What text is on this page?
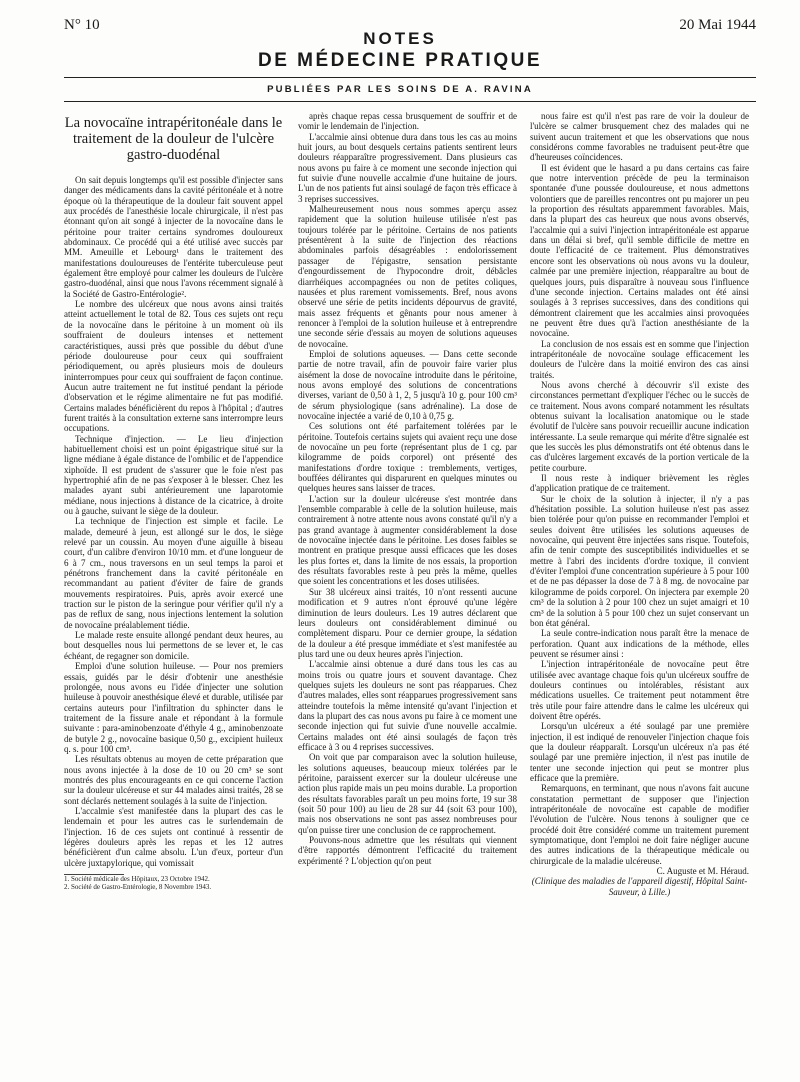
N° 10	20 Mai 1944
NOTES
DE MÉDECINE PRATIQUE
PUBLIÉES PAR LES SOINS DE A. RAVINA
La novocaïne intrapéritonéale dans le traitement de la douleur de l'ulcère gastro-duodénal

On sait depuis longtemps qu'il est possible d'injecter sans danger des médicaments dans la cavité péritonéale et à notre époque où la thérapeutique de la douleur fait souvent appel aux procédés de l'anesthésie locale chirurgicale, il n'est pas étonnant qu'on ait songé à injecter de la novocaïne dans le péritoine pour traiter certains syndromes douloureux abdominaux. Ce procédé qui a été utilisé avec succès par MM. Ameuille et Lebourg¹ dans le traitement des manifestations douloureuses de l'entérite tuberculeuse peut également être employé pour calmer les douleurs de l'ulcère gastro-duodénal, ainsi que nous l'avons récemment signalé à la Société de Gastro-Entérologie².

Le nombre des ulcéreux que nous avons ainsi traités atteint actuellement le total de 82. Tous ces sujets ont reçu de la novocaïne dans le péritoine à un moment où ils souffraient de douleurs intenses et nettement caractéristiques, aussi près que possible du début d'une période douloureuse pour ceux qui souffraient périodiquement, ou après plusieurs mois de douleurs ininterrompues pour ceux qui souffraient de façon continue. Aucun autre traitement ne fut institué pendant la période d'observation et le régime alimentaire ne fut pas modifié. Certains malades bénéficièrent du repos à l'hôpital ; d'autres furent traités à la consultation externe sans interrompre leurs occupations.

Technique d'injection. — Le lieu d'injection habituellement choisi est un point épigastrique situé sur la ligne médiane à égale distance de l'ombilic et de l'appendice xiphoïde. Il est prudent de s'assurer que le foie n'est pas hypertrophié afin de ne pas s'exposer à le blesser. Chez les malades ayant subi antérieurement une laparotomie médiane, nous injections à distance de la cicatrice, à droite ou à gauche, suivant le siège de la douleur.

La technique de l'injection est simple et facile. Le malade, demeuré à jeun, est allongé sur le dos, le siège relevé par un coussin. Au moyen d'une aiguille à biseau court, d'un calibre d'environ 10/10 mm. et d'une longueur de 6 à 7 cm., nous traversons en un seul temps la paroi et pénétrons franchement dans la cavité péritonéale en recommandant au patient d'éviter de faire de grands mouvements respiratoires. Puis, après avoir exercé une traction sur le piston de la seringue pour vérifier qu'il n'y a pas de reflux de sang, nous injections lentement la solution de novocaïne préalablement tiédie.

Le malade reste ensuite allongé pendant deux heures, au bout desquelles nous lui permettons de se lever et, le cas échéant, de regagner son domicile.

Emploi d'une solution huileuse. — Pour nos premiers essais, guidés par le désir d'obtenir une anesthésie prolongée, nous avons eu l'idée d'injecter une solution huileuse à pouvoir anesthésique élevé et durable, utilisée par certains auteurs pour l'infiltration du sphincter dans le traitement de la fissure anale et répondant à la formule suivante : para-aminobenzoate d'éthyle 4 g., aminobenzoate de butyle 2 g., novocaïne basique 0,50 g., excipient huileux q. s. pour 100 cm³.

Les résultats obtenus au moyen de cette préparation que nous avons injectée à la dose de 10 ou 20 cm³ se sont montrés des plus encourageants en ce qui concerne l'action sur la douleur ulcéreuse et sur 44 malades ainsi traités, 28 se sont déclarés nettement soulagés à la suite de l'injection.

L'accalmie s'est manifestée dans la plupart des cas le lendemain et pour les autres cas le surlendemain de l'injection. 16 de ces sujets ont continué à ressentir de légères douleurs après les repas et les 12 autres bénéficièrent d'un calme absolu. L'un d'eux, porteur d'un ulcère juxtapylorique, qui vomissait

1. Société médicale des Hôpitaux, 23 Octobre 1942.

2. Société de Gastro-Entérologie, 8 Novembre 1943.

après chaque repas cessa brusquement de souffrir et de vomir le lendemain de l'injection.

L'accalmie ainsi obtenue dura dans tous les cas au moins huit jours, au bout desquels certains patients sentirent leurs douleurs réapparaître progressivement. Dans plusieurs cas nous avons pu faire à ce moment une seconde injection qui fut suivie d'une nouvelle accalmie d'une huitaine de jours. L'un de nos patients fut ainsi soulagé de façon très efficace à 3 reprises successives.

Malheureusement nous nous sommes aperçu assez rapidement que la solution huileuse utilisée n'est pas toujours tolérée par le péritoine. Certains de nos patients présentèrent à la suite de l'injection des réactions abdominales parfois désagréables : endolorissement passager de l'épigastre, sensation persistante d'engourdissement de l'hypocondre droit, débâcles diarrhéiques accompagnées ou non de petites coliques, nausées et plus rarement vomissements. Bref, nous avons observé une série de petits incidents dépourvus de gravité, mais assez fréquents et gênants pour nous amener à renoncer à l'emploi de la solution huileuse et à entreprendre une seconde série d'essais au moyen de solutions aqueuses de novocaïne.

Emploi de solutions aqueuses. — Dans cette seconde partie de notre travail, afin de pouvoir faire varier plus aisément la dose de novocaïne introduite dans le péritoine, nous avons employé des solutions de concentrations diverses, variant de 0,50 à 1, 2, 5 jusqu'à 10 g. pour 100 cm³ de sérum physiologique (sans adrénaline). La dose de novocaïne injectée a varié de 0,10 à 0,75 g.

Ces solutions ont été parfaitement tolérées par le péritoine. Toutefois certains sujets qui avaient reçu une dose de novocaïne un peu forte (représentant plus de 1 cg. par kilogramme de poids corporel) ont présenté des manifestations d'ordre toxique : tremblements, vertiges, bouffées délirantes qui disparurent en quelques minutes ou quelques heures sans laisser de traces.

L'action sur la douleur ulcéreuse s'est montrée dans l'ensemble comparable à celle de la solution huileuse, mais contrairement à notre attente nous avons constaté qu'il n'y a pas grand avantage à augmenter considérablement la dose de novocaïne injectée dans le péritoine. Les doses faibles se montrent en pratique presque aussi efficaces que les doses les plus fortes et, dans la limite de nos essais, la proportion des résultats favorables reste à peu près la même, quelles que soient les concentrations et les doses utilisées.

Sur 38 ulcéreux ainsi traités, 10 n'ont ressenti aucune modification et 9 autres n'ont éprouvé qu'une légère diminution de leurs douleurs. Les 19 autres déclarent que leurs douleurs ont considérablement diminué ou complètement disparu. Pour ce dernier groupe, la sédation de la douleur a été presque immédiate et s'est manifestée au plus tard une ou deux heures après l'injection.

L'accalmie ainsi obtenue a duré dans tous les cas au moins trois ou quatre jours et souvent davantage. Chez quelques sujets les douleurs ne sont pas réapparues. Chez d'autres malades, elles sont réapparues progressivement sans atteindre toutefois la même intensité qu'avant l'injection et dans la plupart des cas nous avons pu faire à ce moment une seconde injection qui fut suivie d'une nouvelle accalmie. Certains malades ont été ainsi soulagés de façon très efficace à 3 ou 4 reprises successives.

On voit que par comparaison avec la solution huileuse, les solutions aqueuses, beaucoup mieux tolérées par le péritoine, paraissent exercer sur la douleur ulcéreuse une action plus rapide mais un peu moins durable. La proportion des résultats favorables paraît un peu moins forte, 19 sur 38 (soit 50 pour 100) au lieu de 28 sur 44 (soit 63 pour 100), mais nos observations ne sont pas assez nombreuses pour qu'on puisse tirer une conclusion de ce rapprochement.

Pouvons-nous admettre que les résultats qui viennent d'être rapportés démontrent l'efficacité du traitement expérimenté ? L'objection qu'on peut

nous faire est qu'il n'est pas rare de voir la douleur de l'ulcère se calmer brusquement chez des malades qui ne suivent aucun traitement et que les observations que nous considérons comme favorables ne traduisent peut-être que d'heureuses coïncidences.

Il est évident que le hasard a pu dans certains cas faire que notre intervention précède de peu la terminaison spontanée d'une poussée douloureuse, et nous admettons volontiers que de pareilles rencontres ont pu majorer un peu la proportion des résultats apparemment favorables. Mais, dans la plupart des cas heureux que nous avons observés, l'accalmie qui a suivi l'injection intrapéritonéale est apparue dans un délai si bref, qu'il semble difficile de mettre en doute l'efficacité de ce traitement. Plus démonstratives encore sont les observations où nous avons vu la douleur, calmée par une première injection, réapparaître au bout de quelques jours, puis disparaître à nouveau sous l'influence d'une seconde injection. Certains malades ont été ainsi soulagés à 3 reprises successives, dans des conditions qui démontrent clairement que les accalmies ainsi provoquées ne peuvent être dues qu'à l'action anesthésiante de la novocaïne.

La conclusion de nos essais est en somme que l'injection intrapéritonéale de novocaïne soulage efficacement les douleurs de l'ulcère dans la moitié environ des cas ainsi traités.

Nous avons cherché à découvrir s'il existe des circonstances permettant d'expliquer l'échec ou le succès de ce traitement. Nous avons comparé notamment les résultats obtenus suivant la localisation anatomique ou le stade évolutif de l'ulcère sans pouvoir recueillir aucune indication intéressante. La seule remarque qui mérite d'être signalée est que les succès les plus démonstratifs ont été obtenus dans le cas d'ulcères largement excavés de la portion verticale de la petite courbure.

Il nous reste à indiquer brièvement les règles d'application pratique de ce traitement.

Sur le choix de la solution à injecter, il n'y a pas d'hésitation possible. La solution huileuse n'est pas assez bien tolérée pour qu'on puisse en recommander l'emploi et seules doivent être utilisées les solutions aqueuses de novocaïne, qui peuvent être injectées sans risque. Toutefois, afin de tenir compte des susceptibilités individuelles et se mettre à l'abri des incidents d'ordre toxique, il convient d'éviter l'emploi d'une concentration supérieure à 5 pour 100 et de ne pas dépasser la dose de 7 à 8 mg. de novocaïne par kilogramme de poids corporel. On injectera par exemple 20 cm³ de la solution à 2 pour 100 chez un sujet amaigri et 10 cm³ de la solution à 5 pour 100 chez un sujet conservant un bon état général.

La seule contre-indication nous paraît être la menace de perforation. Quant aux indications de la méthode, elles peuvent se résumer ainsi :

L'injection intrapéritonéale de novocaïne peut être utilisée avec avantage chaque fois qu'un ulcéreux souffre de douleurs continues ou intolérables, résistant aux médications usuelles. Ce traitement peut notamment être très utile pour faire attendre dans le calme les ulcéreux qui doivent être opérés.

Lorsqu'un ulcéreux a été soulagé par une première injection, il est indiqué de renouveler l'injection chaque fois que la douleur réapparaît. Lorsqu'un ulcéreux n'a pas été soulagé par une première injection, il n'est pas inutile de tenter une seconde injection qui peut se montrer plus efficace que la première.

Remarquons, en terminant, que nous n'avons fait aucune constatation permettant de supposer que l'injection intrapéritonéale de novocaïne est capable de modifier l'évolution de l'ulcère. Nous tenons à souligner que ce procédé doit être considéré comme un traitement purement symptomatique, dont l'emploi ne doit faire négliger aucune des autres indications de la thérapeutique médicale ou chirurgicale de la maladie ulcéreuse.

C. Auguste et M. Héraud.

(Clinique des maladies de l'appareil digestif, Hôpital Saint-Sauveur, à Lille.)
